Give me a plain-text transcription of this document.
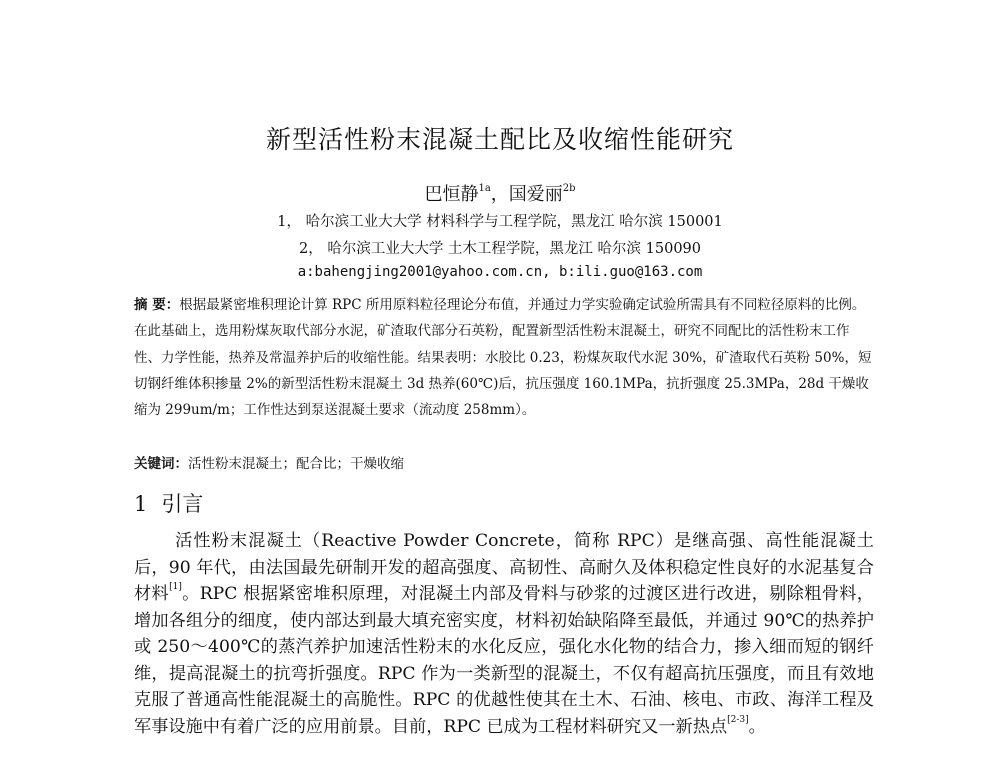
新型活性粉末混凝土配比及收缩性能研究
巴恒静$^{1a}$，国爱丽$^{2b}$
1， 哈尔滨工业大大学 材料科学与工程学院，黑龙江 哈尔滨 150001
2， 哈尔滨工业大大学 土木工程学院，黑龙江 哈尔滨 150090
a:bahengjing2001@yahoo.com.cn, b:ili.guo@163.com
摘 要：根据最紧密堆积理论计算 RPC 所用原料粒径理论分布值，并通过力学实验确定试验所需具有不同粒径原料的比例。在此基础上，选用粉煤灰取代部分水泥，矿渣取代部分石英粉，配置新型活性粉末混凝土，研究不同配比的活性粉末工作性、力学性能，热养及常温养护后的收缩性能。结果表明：水胶比 0.23，粉煤灰取代水泥 30%，矿渣取代石英粉 50%，短切钢纤维体积掺量 2%的新型活性粉末混凝土 3d 热养(60℃)后，抗压强度 160.1MPa，抗折强度 25.3MPa，28d 干燥收缩为 299um/m；工作性达到泵送混凝土要求（流动度 258mm）。
关键词：活性粉末混凝土；配合比；干燥收缩
1 引言
活性粉末混凝土（Reactive Powder Concrete，简称 RPC）是继高强、高性能混凝土后，90 年代，由法国最先研制开发的超高强度、高韧性、高耐久及体积稳定性良好的水泥基复合材料[1]。RPC 根据紧密堆积原理，对混凝土内部及骨料与砂浆的过渡区进行改进，剔除粗骨料，增加各组分的细度，使内部达到最大填充密实度，材料初始缺陷降至最低，并通过 90℃的热养护或 250～400℃的蒸汽养护加速活性粉末的水化反应，强化水化物的结合力，掺入细而短的钢纤维，提高混凝土的抗弯折强度。RPC 作为一类新型的混凝土，不仅有超高抗压强度，而且有效地克服了普通高性能混凝土的高脆性。RPC 的优越性使其在土木、石油、核电、市政、海洋工程及军事设施中有着广泛的应用前景。目前，RPC 已成为工程材料研究又一新热点[2-3]。
